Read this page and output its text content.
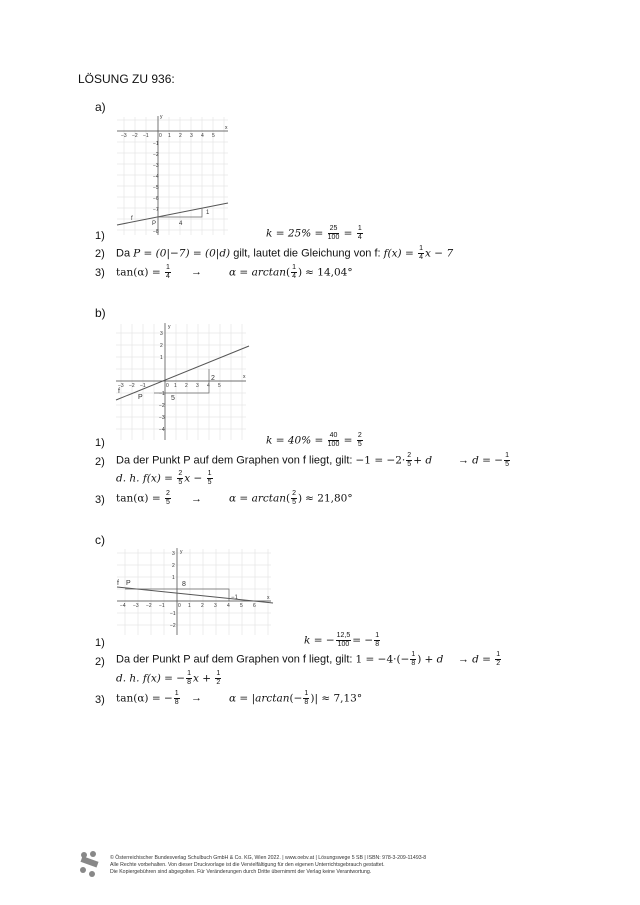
LÖSUNG ZU 936:
a)
x
y
−3 −2 −1 0 1 2 3 4 5
−1
−2
−3
−4
−5
−6
−7
−8
f
P	4
1
1)	$k = 25\% = \frac{25}{100} = \frac{1}{4}$
2) Da P = (0|−7) = (0|d) gilt, lautet die Gleichung von f: $f(x) = \frac{1}{4}$ x − 7
3) $\tan(\alpha) = \frac{1}{4}$ →	$\alpha = \arctan( \frac{1}{4}$ ) ≈ 14,04°
b)
x
y
−3 −2 −1	0 1 2 3 4 5
3
2
1
−1
−2
−3
−4
f
P	5
2
1)	$k = 40\% = \frac{40}{100} = \frac{2}{5}$
2) Da der Punkt P auf dem Graphen von f liegt, gilt: $-1 = -2\cdot \frac{2}{5} + d \to d$ = − $\frac{1}{5}$
d. h. $f(x) = \frac{2}{5}$ $x - \frac{1}{5}$
3) $\tan(\alpha) = \frac{2}{5}$ →	$\alpha = \arctan( \frac{2}{5}$ ) ≈ 21,80°
c)
x
y
−4 −3 −2 −1	0 1 2 3 4 5 6
3
2
1
−1
−2
f P	8
−1
1)	k = − $\frac{12,5}{100}$ = − $\frac{1}{8}$
2) Da der Punkt P auf dem Graphen von f liegt, gilt: $1 = -4\cdot(- \frac{1}{8}$ ) + $d \to d = \frac{1}{2}$
d. h. f(x) = − $\frac{1}{8}$ $x + \frac{1}{2}$
3) tan(α) = − $\frac{1}{8}$ →	$\alpha = |\arctan(- \frac{1}{8}$ )| ≈ 7,13°
© Österreichischer Bundesverlag Schulbuch GmbH & Co. KG, Wien 2022. | www.oebv.at | Lösungswege 5 SB | ISBN: 978-3-209-11493-8
Alle Rechte vorbehalten. Von dieser Druckvorlage ist die Vervielfältigung für den eigenen Unterrichtsgebrauch gestattet.
Die Kopiergebühren sind abgegolten. Für Veränderungen durch Dritte übernimmt der Verlag keine Verantwortung.
